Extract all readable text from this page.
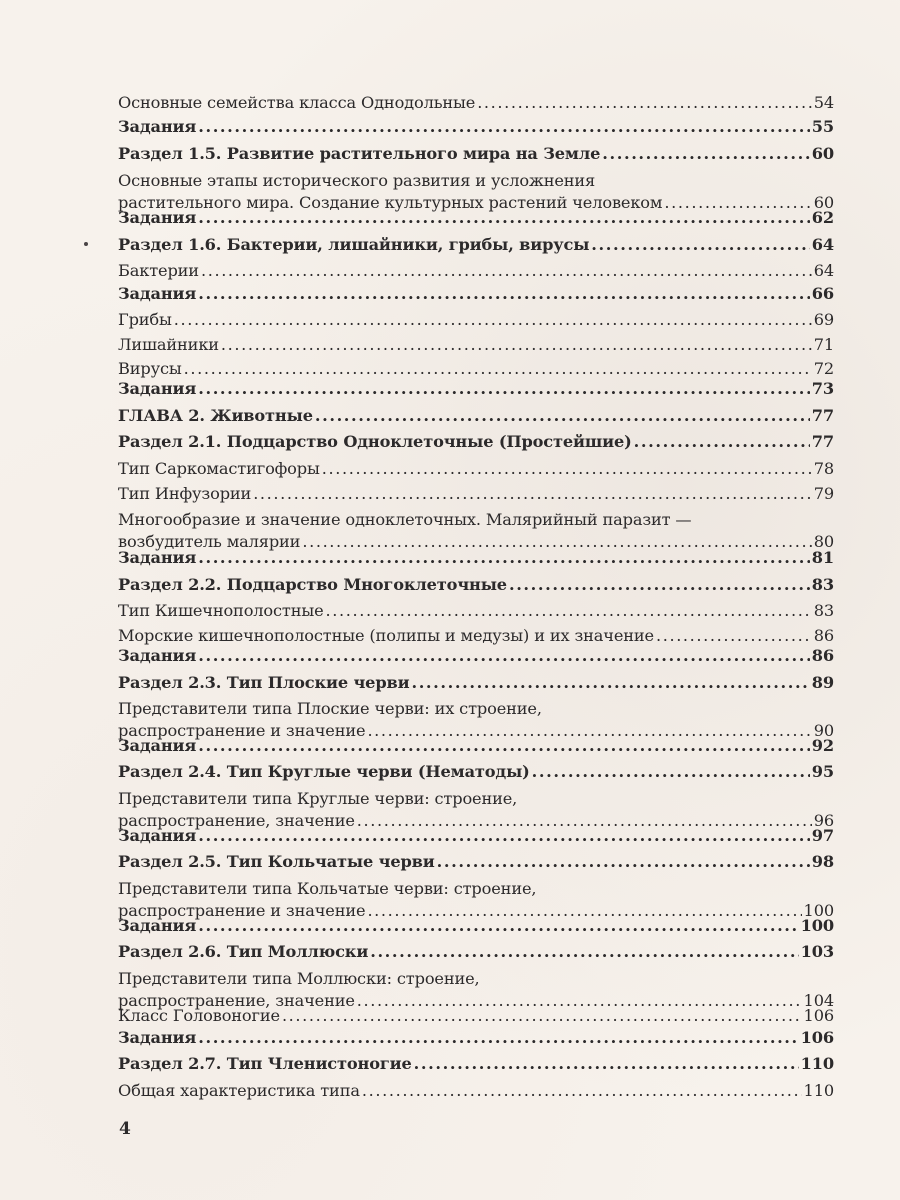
Основные семейства класса Однодольные .....	54
Задания .....	55
Раздел 1.5. Развитие растительного мира на Земле .....	60
Основные этапы исторического развития и усложнения
растительного мира. Создание культурных растений человеком .....	60
Задания .....	62
Раздел 1.6. Бактерии, лишайники, грибы, вирусы .....	64
Бактерии .....	64
Задания .....	66
Грибы .....	69
Лишайники .....	71
Вирусы .....	72
Задания .....	73
ГЛАВА 2. Животные .....	77
Раздел 2.1. Подцарство Одноклеточные (Простейшие) .....	77
Тип Саркомастигофоры .....	78
Тип Инфузории .....	79
Многообразие и значение одноклеточных. Малярийный паразит —
возбудитель малярии .....	80
Задания .....	81
Раздел 2.2. Подцарство Многоклеточные .....	83
Тип Кишечнополостные .....	83
Морские кишечнополостные (полипы и медузы) и их значение .....	86
Задания .....	86
Раздел 2.3. Тип Плоские черви .....	89
Представители типа Плоские черви: их строение,
распространение и значение .....	90
Задания .....	92
Раздел 2.4. Тип Круглые черви (Нематоды) .....	95
Представители типа Круглые черви: строение,
распространение, значение .....	96
Задания .....	97
Раздел 2.5. Тип Кольчатые черви .....	98
Представители типа Кольчатые черви: строение,
распространение и значение .....	100
Задания .....	100
Раздел 2.6. Тип Моллюски .....	103
Представители типа Моллюски: строение,
распространение, значение .....	104
Класс Головоногие .....	106
Задания .....	106
Раздел 2.7. Тип Членистоногие .....	110
Общая характеристика типа .....	110
4
